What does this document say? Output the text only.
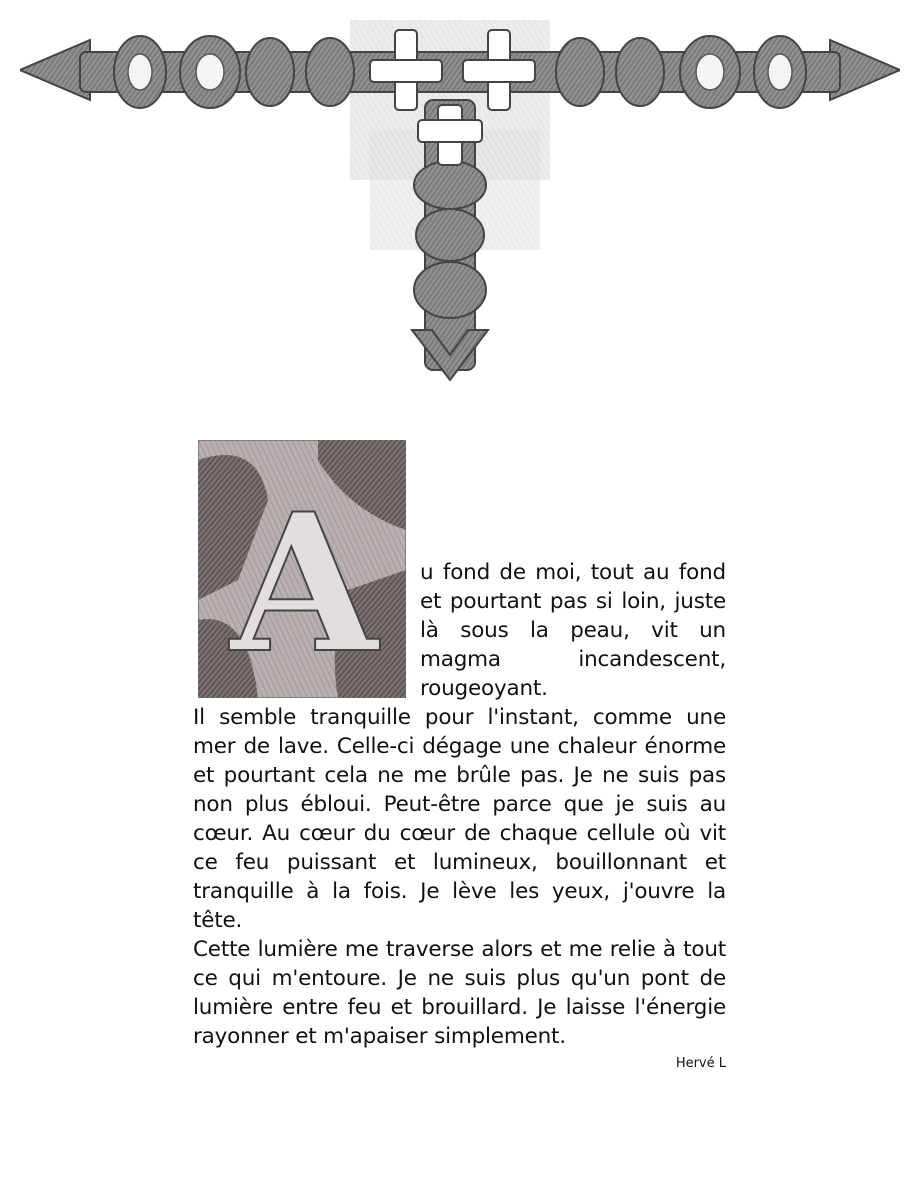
A	u fond de moi, tout au fond et pourtant pas si loin, juste là sous la peau, vit un magma incandescent, rougeoyant.

Il semble tranquille pour l'instant, comme une mer de lave. Celle-ci dégage une chaleur énorme et pourtant cela ne me brûle pas. Je ne suis pas non plus ébloui. Peut-être parce que je suis au cœur. Au cœur du cœur de chaque cellule où vit ce feu puissant et lumineux, bouillonnant et tranquille à la fois. Je lève les yeux, j'ouvre la tête.

Cette lumière me traverse alors et me relie à tout ce qui m'entoure. Je ne suis plus qu'un pont de lumière entre feu et brouillard. Je laisse l'énergie rayonner et m'apaiser simplement.

Hervé L
